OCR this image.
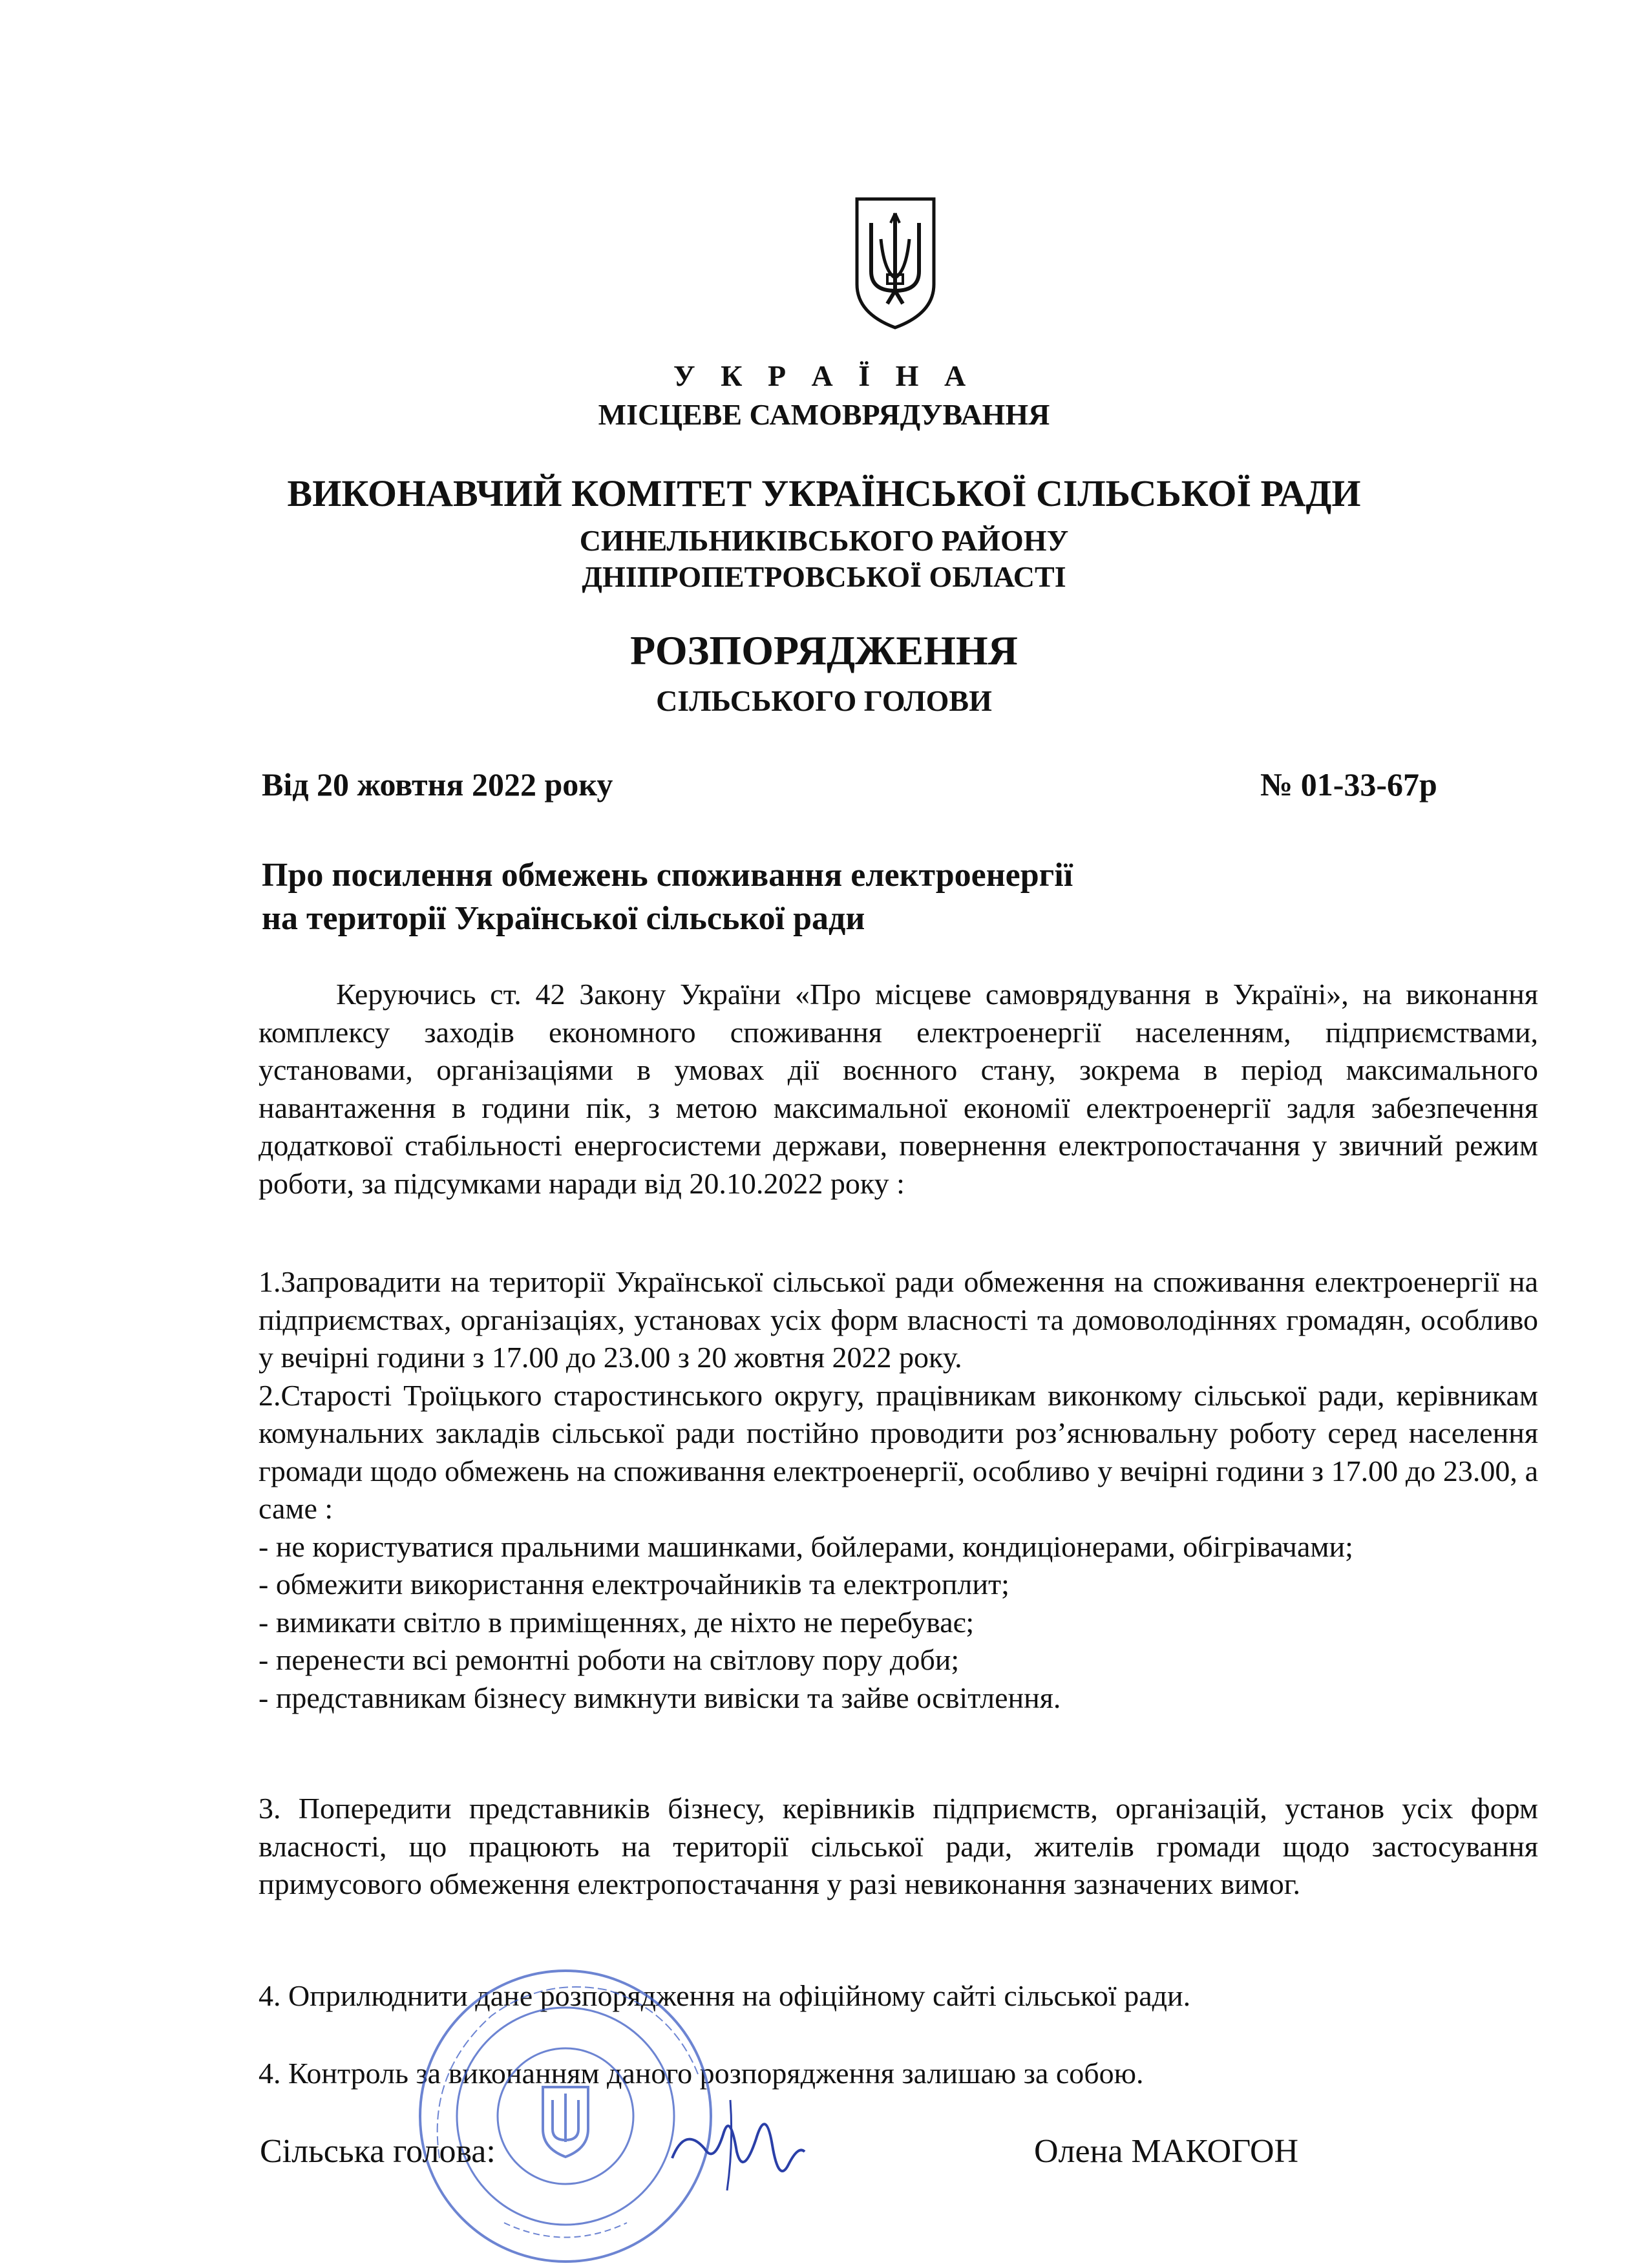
У К Р А Ї Н А
МІСЦЕВЕ САМОВРЯДУВАННЯ
ВИКОНАВЧИЙ КОМІТЕТ УКРАЇНСЬКОЇ СІЛЬСЬКОЇ РАДИ
СИНЕЛЬНИКІВСЬКОГО РАЙОНУ
ДНІПРОПЕТРОВСЬКОЇ ОБЛАСТІ
РОЗПОРЯДЖЕННЯ
СІЛЬСЬКОГО ГОЛОВИ
Від 20 жовтня 2022 року	№ 01-33-67р
Про посилення обмежень споживання електроенергії
на території Української сільської ради

Керуючись ст. 42 Закону України «Про місцеве самоврядування в Україні», на виконання комплексу заходів економного споживання електроенергії населенням, підприємствами, установами, організаціями в умовах дії воєнного стану, зокрема в період максимального навантаження в години пік, з метою максимальної економії електроенергії задля забезпечення додаткової стабільності енергосистеми держави, повернення електропостачання у звичний режим роботи, за підсумками наради від 20.10.2022 року :

1.Запровадити на території Української сільської ради обмеження на споживання електроенергії на підприємствах, організаціях, установах усіх форм власності та домоволодіннях громадян, особливо у вечірні години з 17.00 до 23.00 з 20 жовтня 2022 року.

2.Старості Троїцького старостинського округу, працівникам виконкому сільської ради, керівникам комунальних закладів сільської ради постійно проводити роз’яснювальну роботу серед населення громади щодо обмежень на споживання електроенергії, особливо у вечірні години з 17.00 до 23.00, а саме :

- не користуватися пральними машинками, бойлерами, кондиціонерами, обігрівачами;
- обмежити використання електрочайників та електроплит;
- вимикати світло в приміщеннях, де ніхто не перебуває;
- перенести всі ремонтні роботи на світлову пору доби;
- представникам бізнесу вимкнути вивіски та зайве освітлення.

3. Попередити представників бізнесу, керівників підприємств, організацій, установ усіх форм власності, що працюють на території сільської ради, жителів громади щодо застосування примусового обмеження електропостачання у разі невиконання зазначених вимог.

4. Оприлюднити дане розпорядження на офіційному сайті сільської ради.

4. Контроль за виконанням даного розпорядження залишаю за собою.

Сільська голова:	Олена МАКОГОН
